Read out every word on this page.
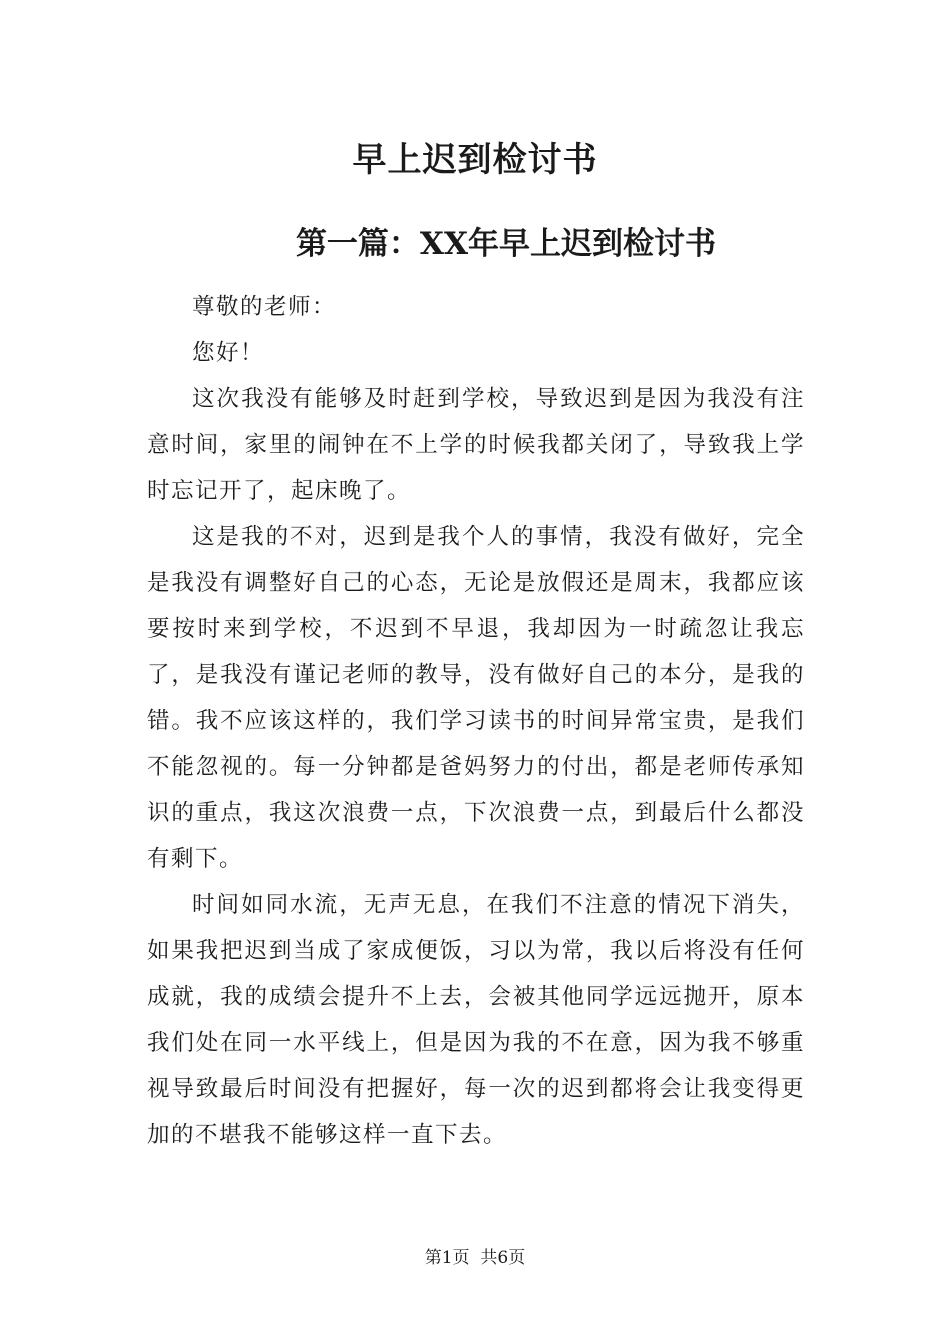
早上迟到检讨书
第一篇：XX年早上迟到检讨书

尊敬的老师：

您好！

这次我没有能够及时赶到学校，导致迟到是因为我没有注意时间，家里的闹钟在不上学的时候我都关闭了，导致我上学时忘记开了，起床晚了。

这是我的不对，迟到是我个人的事情，我没有做好，完全是我没有调整好自己的心态，无论是放假还是周末，我都应该要按时来到学校，不迟到不早退，我却因为一时疏忽让我忘了，是我没有谨记老师的教导，没有做好自己的本分，是我的错。我不应该这样的，我们学习读书的时间异常宝贵，是我们不能忽视的。每一分钟都是爸妈努力的付出，都是老师传承知识的重点，我这次浪费一点，下次浪费一点，到最后什么都没有剩下。

时间如同水流，无声无息，在我们不注意的情况下消失，如果我把迟到当成了家成便饭，习以为常，我以后将没有任何成就，我的成绩会提升不上去，会被其他同学远远抛开，原本我们处在同一水平线上，但是因为我的不在意，因为我不够重视导致最后时间没有把握好，每一次的迟到都将会让我变得更加的不堪我不能够这样一直下去。

第1页  共6页
